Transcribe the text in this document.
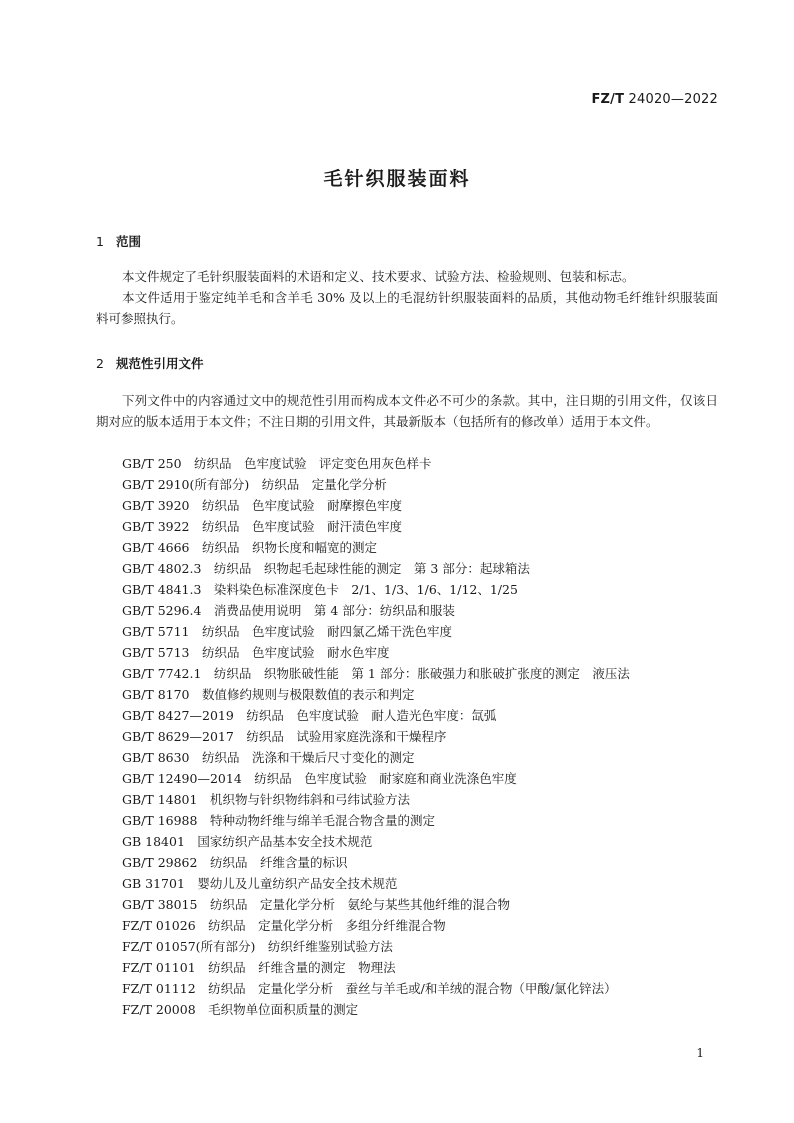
FZ/T 24020—2022
毛针织服装面料
1 范围
本文件规定了毛针织服装面料的术语和定义、技术要求、试验方法、检验规则、包装和标志。
本文件适用于鉴定纯羊毛和含羊毛 30% 及以上的毛混纺针织服装面料的品质，其他动物毛纤维针织服装面料可参照执行。
2 规范性引用文件
下列文件中的内容通过文中的规范性引用而构成本文件必不可少的条款。其中，注日期的引用文件，仅该日期对应的版本适用于本文件；不注日期的引用文件，其最新版本（包括所有的修改单）适用于本文件。
GB/T 250　纺织品　色牢度试验　评定变色用灰色样卡
GB/T 2910(所有部分)　纺织品　定量化学分析
GB/T 3920　纺织品　色牢度试验　耐摩擦色牢度
GB/T 3922　纺织品　色牢度试验　耐汗渍色牢度
GB/T 4666　纺织品　织物长度和幅宽的测定
GB/T 4802.3　纺织品　织物起毛起球性能的测定　第 3 部分：起球箱法
GB/T 4841.3　染料染色标准深度色卡　2/1、1/3、1/6、1/12、1/25
GB/T 5296.4　消费品使用说明　第 4 部分：纺织品和服装
GB/T 5711　纺织品　色牢度试验　耐四氯乙烯干洗色牢度
GB/T 5713　纺织品　色牢度试验　耐水色牢度
GB/T 7742.1　纺织品　织物胀破性能　第 1 部分：胀破强力和胀破扩张度的测定　液压法
GB/T 8170　数值修约规则与极限数值的表示和判定
GB/T 8427—2019　纺织品　色牢度试验　耐人造光色牢度：氙弧
GB/T 8629—2017　纺织品　试验用家庭洗涤和干燥程序
GB/T 8630　纺织品　洗涤和干燥后尺寸变化的测定
GB/T 12490—2014　纺织品　色牢度试验　耐家庭和商业洗涤色牢度
GB/T 14801　机织物与针织物纬斜和弓纬试验方法
GB/T 16988　特种动物纤维与绵羊毛混合物含量的测定
GB 18401　国家纺织产品基本安全技术规范
GB/T 29862　纺织品　纤维含量的标识
GB 31701　婴幼儿及儿童纺织产品安全技术规范
GB/T 38015　纺织品　定量化学分析　氨纶与某些其他纤维的混合物
FZ/T 01026　纺织品　定量化学分析　多组分纤维混合物
FZ/T 01057(所有部分)　纺织纤维鉴别试验方法
FZ/T 01101　纺织品　纤维含量的测定　物理法
FZ/T 01112　纺织品　定量化学分析　蚕丝与羊毛或/和羊绒的混合物（甲酸/氯化锌法）
FZ/T 20008　毛织物单位面积质量的测定
1
